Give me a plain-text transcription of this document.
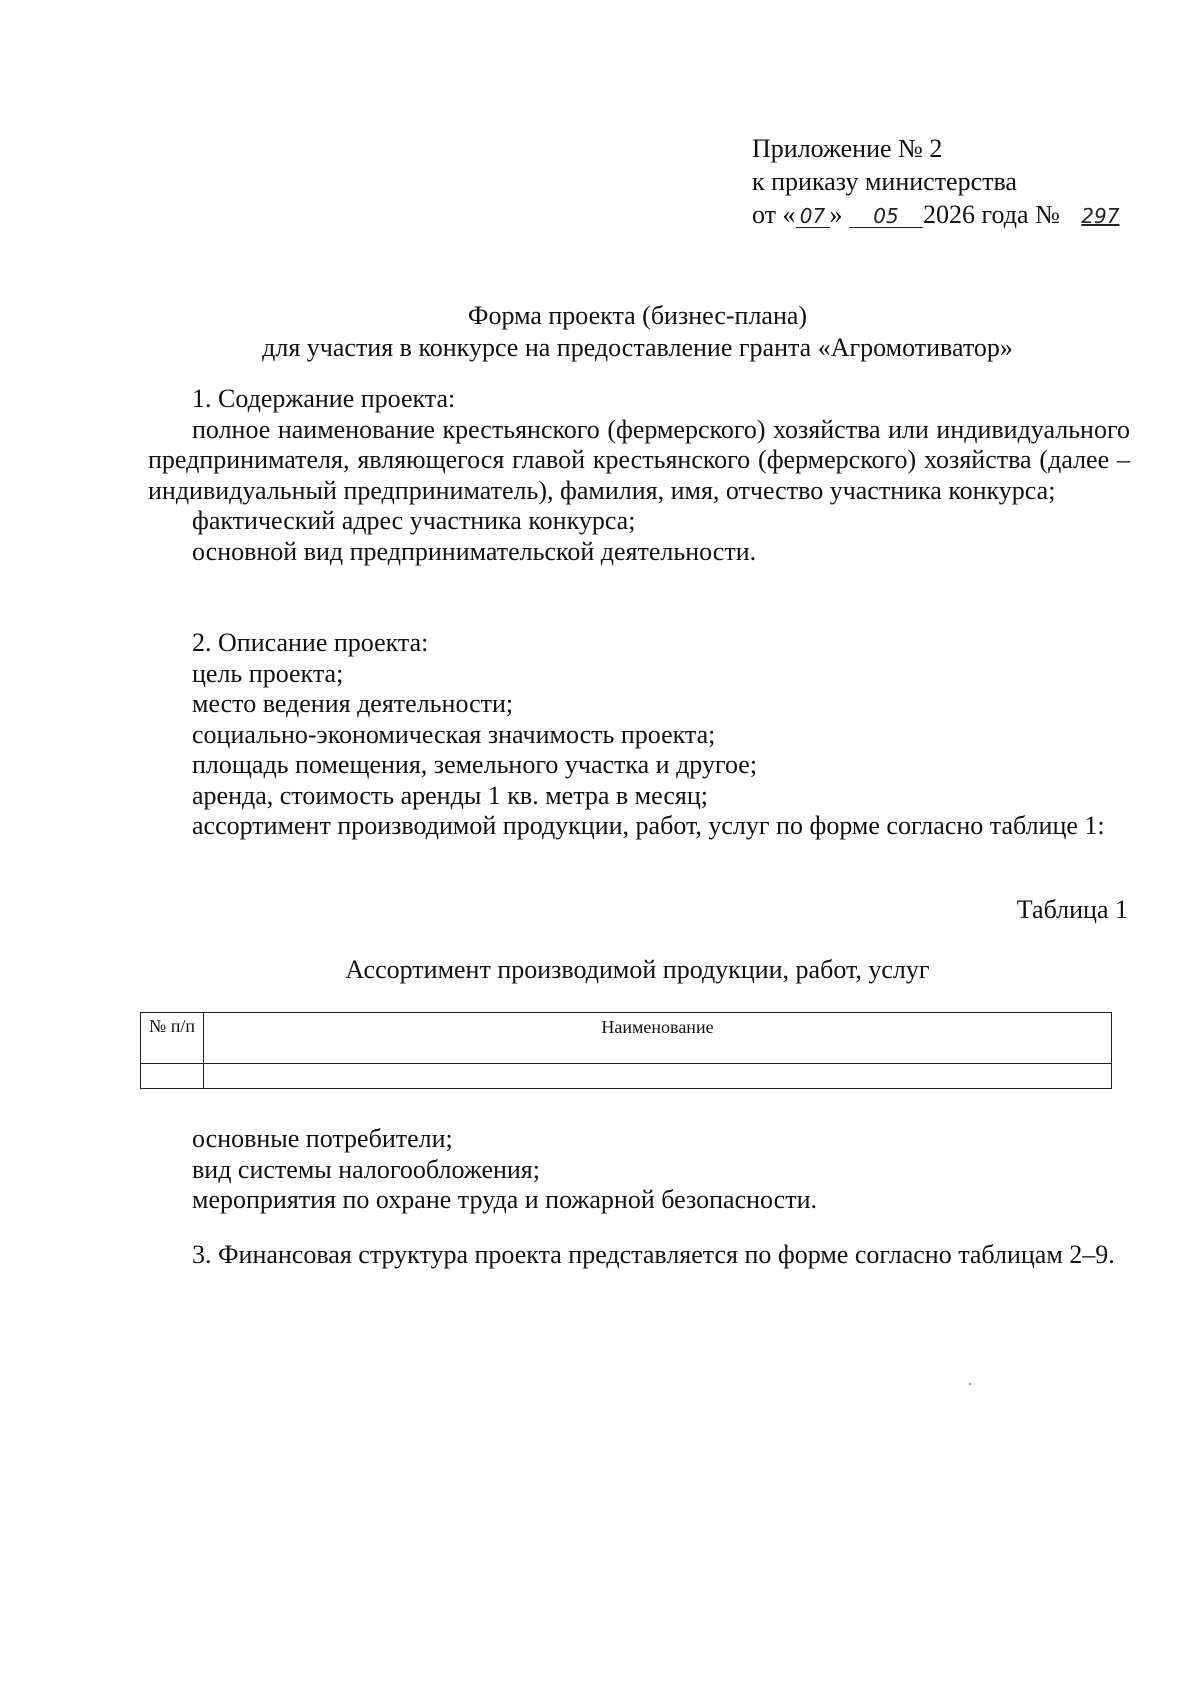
Приложение № 2
к приказу министерства
от « 07 » 05 2026 года № 297
Форма проекта (бизнес-плана)
для участия в конкурсе на предоставление гранта «Агромотиватор»

1. Содержание проекта:

полное наименование крестьянского (фермерского) хозяйства или индивидуального предпринимателя, являющегося главой крестьянского (фермерского) хозяйства (далее – индивидуальный предприниматель), фамилия, имя, отчество участника конкурса;

фактический адрес участника конкурса;

основной вид предпринимательской деятельности.

2. Описание проекта:

цель проекта;

место ведения деятельности;

социально-экономическая значимость проекта;

площадь помещения, земельного участка и другое;

аренда, стоимость аренды 1 кв. метра в месяц;

ассортимент производимой продукции, работ, услуг по форме согласно таблице 1:

Таблица 1
Ассортимент производимой продукции, работ, услуг
№ п/п	Наименование

основные потребители;

вид системы налогообложения;

мероприятия по охране труда и пожарной безопасности.

3. Финансовая структура проекта представляется по форме согласно таблицам 2–9.
